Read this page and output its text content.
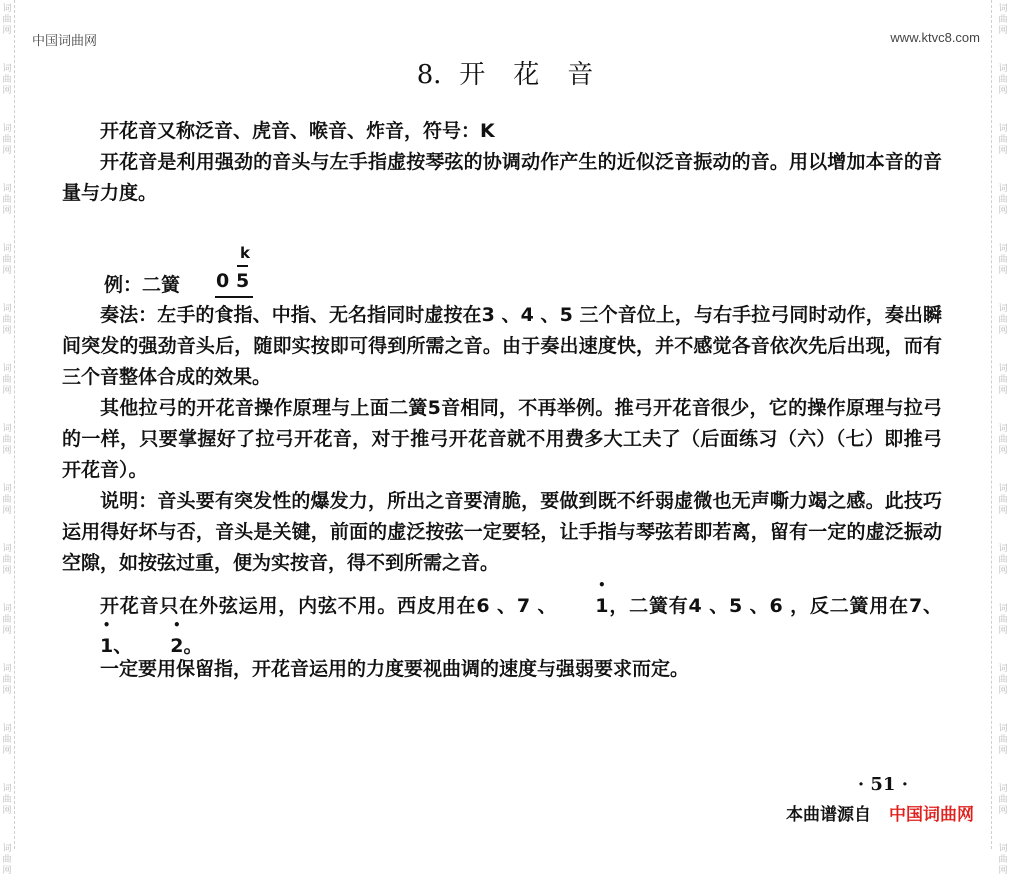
词
曲
网
词
曲
网
词
曲
网
词
曲
网
词
曲
网
词
曲
网
词
曲
网
词
曲
网
词
曲
网
词
曲
网
词
曲
网
词
曲
网
词
曲
网
词
曲
网
词
曲
网
词
曲
网
词
曲
网
词
曲
网
词
曲
网
词
曲
网
词
曲
网
词
曲
网
词
曲
网
词
曲
网
词
曲
网
词
曲
网
词
曲
网
词
曲
网
词
曲
网
词
曲
网
中国词曲网	www.ktvc8.com
8．开 花 音
开花音又称泛音、虎音、喉音、炸音，符号：K
开花音是利用强劲的音头与左手指虚按琴弦的协调动作产生的近似泛音振动的音。用以增加本音的音量与力度。
例：二簧
k
0 5
奏法：左手的食指、中指、无名指同时虚按在3 、4 、5 三个音位上，与右手拉弓同时动作，奏出瞬间突发的强劲音头后，随即实按即可得到所需之音。由于奏出速度快，并不感觉各音依次先后出现，而有三个音整体合成的效果。
其他拉弓的开花音操作原理与上面二簧5音相同，不再举例。推弓开花音很少，它的操作原理与拉弓的一样，只要掌握好了拉弓开花音，对于推弓开花音就不用费多大工夫了（后面练习（六）（七）即推弓开花音）。
说明：音头要有突发性的爆发力，所出之音要清脆，要做到既不纤弱虚微也无声嘶力竭之感。此技巧运用得好坏与否，音头是关键，前面的虚泛按弦一定要轻，让手指与琴弦若即若离，留有一定的虚泛振动空隙，如按弦过重，便为实按音，得不到所需之音。
开花音只在外弦运用，内弦不用。西皮用在6 、7 、
•
1，二簧有4 、5 、6 ，反二簧用在7、
•
1、
•
2。
一定要用保留指，开花音运用的力度要视曲调的速度与强弱要求而定。
· 51 ·
本曲谱源自 中国词曲网
